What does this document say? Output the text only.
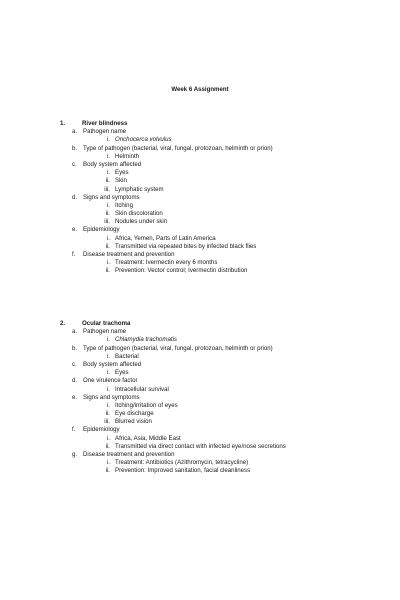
Week 6 Assignment
1.	River blindness
a. Pathogen name
i. Onchocerca volvulus
b. Type of pathogen (bacterial, viral, fungal, protozoan, helminth or prion)
i. Helminth
c. Body system affected
i. Eyes
ii. Skin
iii. Lymphatic system
d. Signs and symptoms
i. Itching
ii. Skin discoloration
iii. Nodules under skin
e. Epidemiology
i. Africa, Yemen, Parts of Latin America
ii. Transmitted via repeated bites by infected black flies
f. Disease treatment and prevention
i. Treatment: Ivermectin every 6 months
ii. Prevention: Vector control; Ivermectin distribution
2.	Ocular trachoma
a. Pathogen name
i. Chlamydia trachomatis
b. Type of pathogen (bacterial, viral, fungal, protozoan, helminth or prion)
i. Bacterial
c. Body system affected
i. Eyes
d. One virulence factor
i. Intracellular survival
e. Signs and symptoms
i. Itching/irritation of eyes
ii. Eye discharge
iii. Blurred vision
f. Epidemiology
i. Africa, Asia, Middle East
ii. Transmitted via direct contact with infected eye/nose secretions
g. Disease treatment and prevention
i. Treatment: Antibiotics (Azithromycin, tetracycline)
ii. Prevention: Improved sanitation, facial cleanliness
